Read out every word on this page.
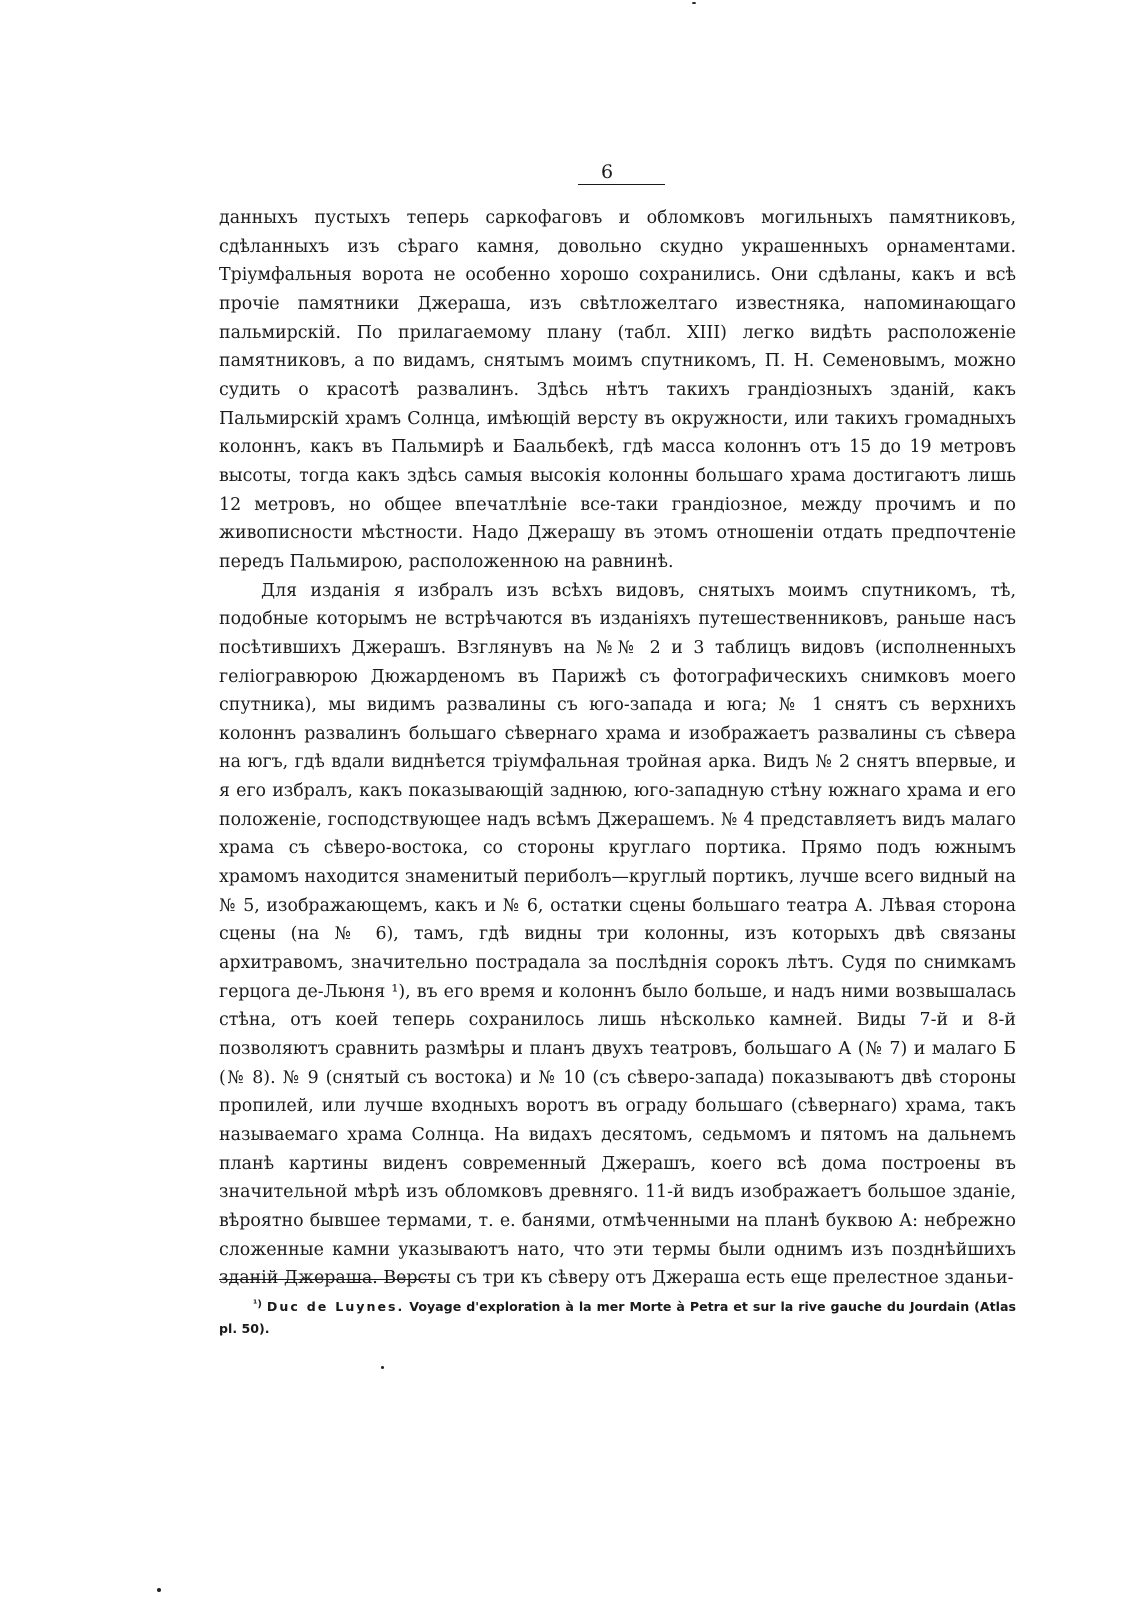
6

данныхъ пустыхъ теперь саркофаговъ и обломковъ могильныхъ памятниковъ, сдѣланныхъ изъ сѣраго камня, довольно скудно украшенныхъ орнаментами. Тріумфальныя ворота не особенно хорошо сохранились. Они сдѣланы, какъ и всѣ прочіе памятники Джераша, изъ свѣтложелтаго известняка, напоминающаго пальмирскій. По прилагаемому плану (табл. XIII) легко видѣть расположеніе памятниковъ, а по видамъ, снятымъ моимъ спутникомъ, П. Н. Семеновымъ, можно судить о красотѣ развалинъ. Здѣсь нѣтъ такихъ грандіозныхъ зданій, какъ Пальмирскій храмъ Солнца, имѣющій версту въ окружности, или такихъ громадныхъ колоннъ, какъ въ Пальмирѣ и Баальбекѣ, гдѣ масса колоннъ отъ 15 до 19 метровъ высоты, тогда какъ здѣсь самыя высокія колонны большаго храма достигаютъ лишь 12 метровъ, но общее впечатлѣніе все-таки грандіозное, между прочимъ и по живописности мѣстности. Надо Джерашу въ этомъ отношеніи отдать предпочтеніе передъ Пальмирою, расположенною на равнинѣ.

Для изданія я избралъ изъ всѣхъ видовъ, снятыхъ моимъ спутникомъ, тѣ, подобные которымъ не встрѣчаются въ изданіяхъ путешественниковъ, раньше насъ посѣтившихъ Джерашъ. Взглянувъ на №№ 2 и 3 таблицъ видовъ (исполненныхъ геліогравюрою Дюжарденомъ въ Парижѣ съ фотографическихъ снимковъ моего спутника), мы видимъ развалины съ юго-запада и юга; № 1 снятъ съ верхнихъ колоннъ развалинъ большаго сѣвернаго храма и изображаетъ развалины съ сѣвера на югъ, гдѣ вдали виднѣется тріумфальная тройная арка. Видъ № 2 снятъ впервые, и я его избралъ, какъ показывающій заднюю, юго-западную стѣну южнаго храма и его положеніе, господствующее надъ всѣмъ Джерашемъ. № 4 представляетъ видъ малаго храма съ сѣверо-востока, со стороны круглаго портика. Прямо подъ южнымъ храмомъ находится знаменитый периболъ—круглый портикъ, лучше всего видный на № 5, изображающемъ, какъ и № 6, остатки сцены большаго театра А. Лѣвая сторона сцены (на № 6), тамъ, гдѣ видны три колонны, изъ которыхъ двѣ связаны архитравомъ, значительно пострадала за послѣднія сорокъ лѣтъ. Судя по снимкамъ герцога де-Льюня ¹), въ его время и колоннъ было больше, и надъ ними возвышалась стѣна, отъ коей теперь сохранилось лишь нѣсколько камней. Виды 7-й и 8-й позволяютъ сравнить размѣры и планъ двухъ театровъ, большаго А (№ 7) и малаго Б (№ 8). № 9 (снятый съ востока) и № 10 (съ сѣверо-запада) показываютъ двѣ стороны пропилей, или лучше входныхъ воротъ въ ограду большаго (сѣвернаго) храма, такъ называемаго храма Солнца. На видахъ десятомъ, седьмомъ и пятомъ на дальнемъ планѣ картины виденъ современный Джерашъ, коего всѣ дома построены въ значительной мѣрѣ изъ обломковъ древняго. 11-й видъ изображаетъ большое зданіе, вѣроятно бывшее термами, т. е. банями, отмѣченными на планѣ буквою А: небрежно сложенные камни указываютъ нато, что эти термы были однимъ изъ позднѣйшихъ зданій Джераша. Версты съ три къ сѣверу отъ Джераша есть еще прелестное зданьи-

$^{^1)}$ Duc de Luynes. Voyage d'exploration à la mer Morte à Petra et sur la rive gauche du Jourdain (Atlas pl. 50).
